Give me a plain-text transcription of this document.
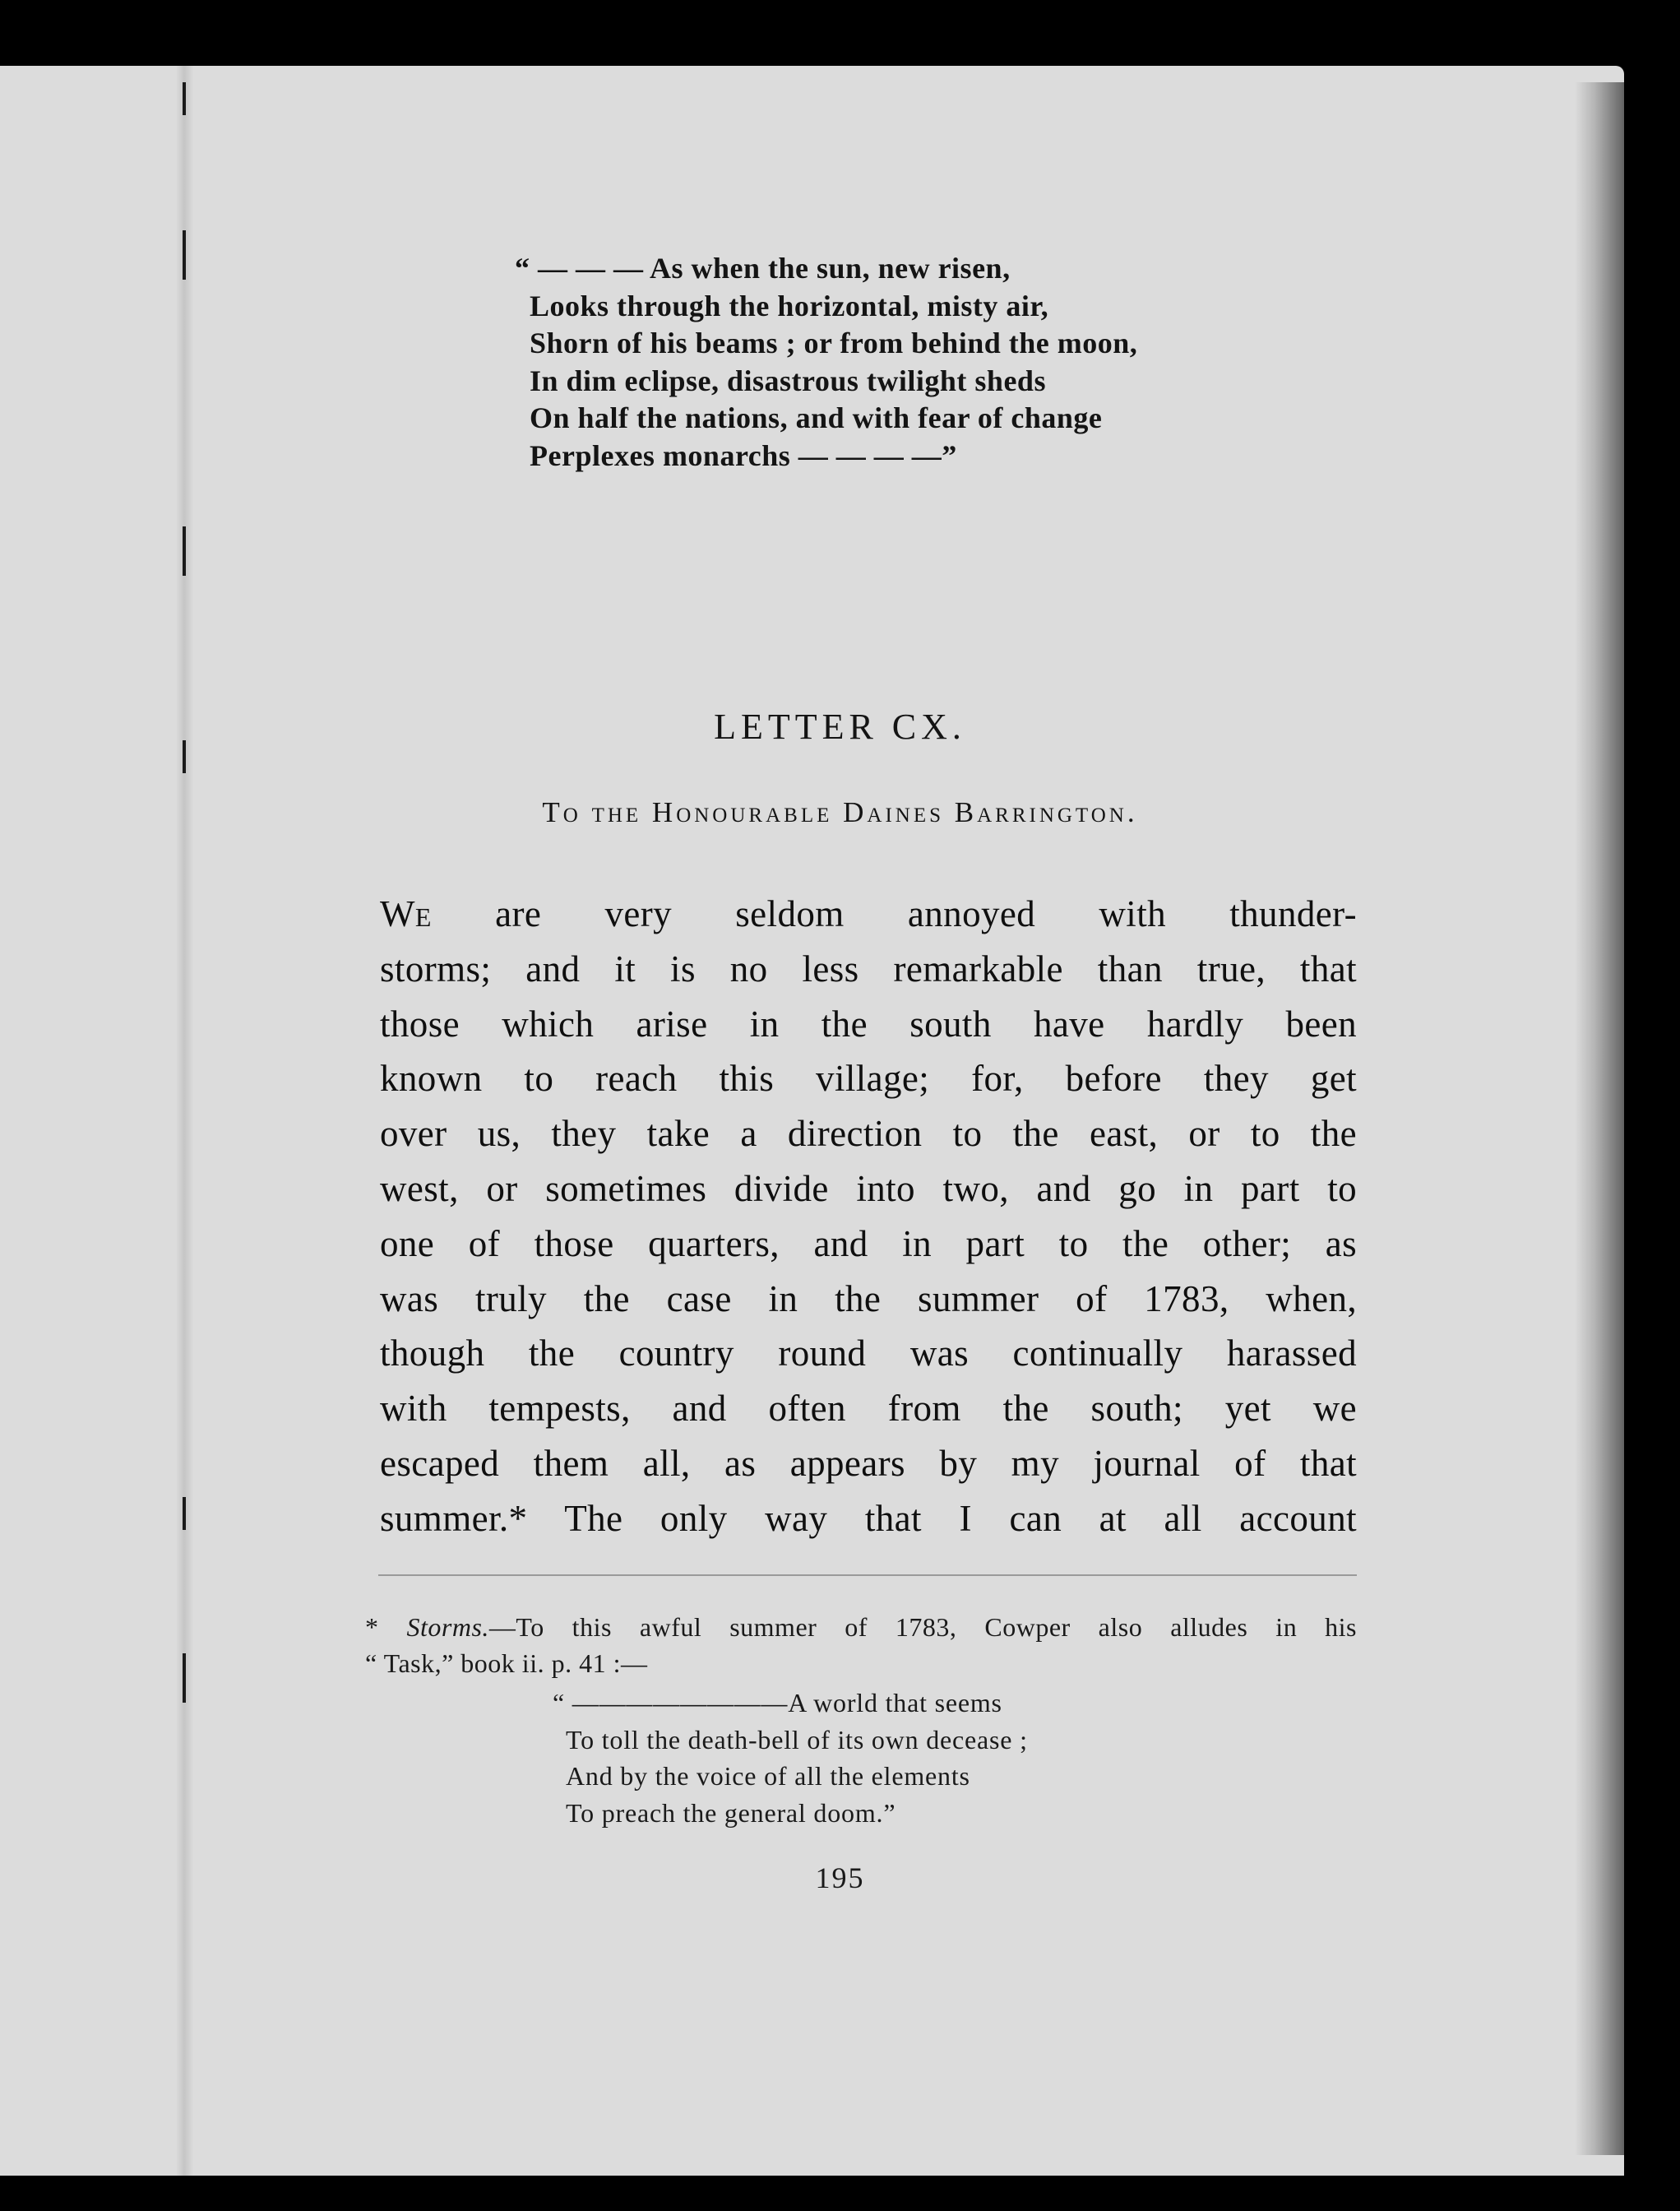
“ — — — As when the sun, new risen,
Looks through the horizontal, misty air,
Shorn of his beams ; or from behind the moon,
In dim eclipse, disastrous twilight sheds
On half the nations, and with fear of change
Perplexes monarchs — — — —”
LETTER CX.
To the Honourable Daines Barrington.
We are very seldom annoyed with thunder-
storms; and it is no less remarkable than true, that
those which arise in the south have hardly been
known to reach this village; for, before they get
over us, they take a direction to the east, or to the
west, or sometimes divide into two, and go in part to
one of those quarters, and in part to the other; as
was truly the case in the summer of 1783, when,
though the country round was continually harassed
with tempests, and often from the south; yet we
escaped them all, as appears by my journal of that
summer.* The only way that I can at all account
* Storms.—To this awful summer of 1783, Cowper also alludes in his
“ Task,” book ii. p. 41 :—
“ ————————A world that seems
To toll the death-bell of its own decease ;
And by the voice of all the elements
To preach the general doom.”
195
